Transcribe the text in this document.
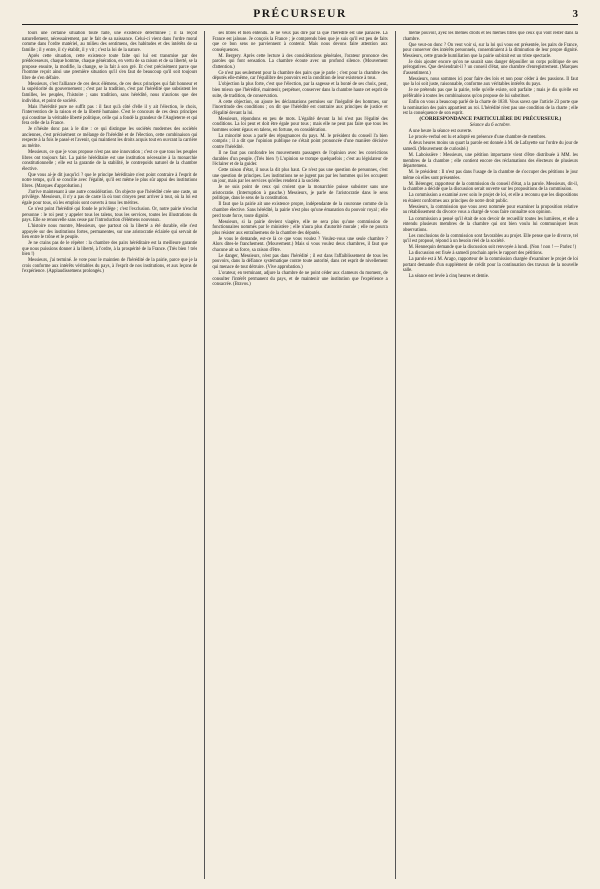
PRÉCURSEUR	3

tours une certaine situation toute faite, une existence déterminée ; il la reçoit naturellement, nécessairement, par le fait de sa naissance. Celui-ci vient dans l'ordre moral comme dans l'ordre matériel, au milieu des sentimens, des habitudes et des intérêts de sa famille ; il y entre, il s'y établit, il y vit ; c'est la loi de la nature.

Après cette situation, cette existence toute faite qui lui est transmise par des prédécesseurs, chaque homme, chaque génération, en vertu de sa raison et de sa liberté, se la propose ensuite, la modifie, la change, se la fait à son gré. Et c'est précisément parce que l'homme reçoit ainsi une première situation qu'il s'en faut de beaucoup qu'il soit toujours libre de s'en défaire.

Messieurs, c'est l'alliance de ces deux élémens, de ces deux principes qui fait honneur et la supériorité du gouvernement ; c'est par la tradition, c'est par l'hérédité que subsistent les familles, les peuples, l'histoire ; sans tradition, sans hérédité, nous n'aurions que des individus, et point de société.

Mais l'hérédité pure ne suffit pas : il faut qu'à côté d'elle il y ait l'élection, le choix, l'intervention de la raison et de la liberté humaine. C'est le concours de ces deux principes qui constitue la véritable liberté politique, celle qui a fondé la grandeur de l'Angleterre et qui fera celle de la France.

Je n'hésite donc pas à le dire : ce qui distingue les sociétés modernes des sociétés anciennes, c'est précisément ce mélange de l'hérédité et de l'élection, cette combinaison qui respecte à la fois le passé et l'avenir, qui maintient les droits acquis tout en ouvrant la carrière au mérite.

Messieurs, ce que je vous propose n'est pas une innovation ; c'est ce que tous les peuples libres ont toujours fait. La pairie héréditaire est une institution nécessaire à la monarchie constitutionnelle ; elle est la garantie de la stabilité, le contrepoids naturel de la chambre élective.

Que vous ai-je dit jusqu'ici ? que le principe héréditaire n'est point contraire à l'esprit de notre temps, qu'il se concilie avec l'égalité, qu'il est même le plus sûr appui des institutions libres. (Marques d'approbation.)

J'arrive maintenant à une autre considération. On objecte que l'hérédité crée une caste, un privilège. Messieurs, il n'y a pas de caste là où tout citoyen peut arriver à tout, où la loi est égale pour tous, où les emplois sont ouverts à tous les mérites.

Ce n'est point l'hérédité qui fonde le privilège ; c'est l'exclusion. Or, notre pairie n'exclut personne : le roi peut y appeler tous les talens, tous les services, toutes les illustrations du pays. Elle se renouvelle sans cesse par l'introduction d'élémens nouveaux.

L'histoire nous montre, Messieurs, que partout où la liberté a été durable, elle s'est appuyée sur des institutions fortes, permanentes, sur une aristocratie éclairée qui servait de lien entre le trône et le peuple.

Je ne crains pas de le répéter : la chambre des pairs héréditaire est la meilleure garantie que nous puissions donner à la liberté, à l'ordre, à la prospérité de la France. (Très bien ! très bien !)

Messieurs, j'ai terminé. Je vote pour le maintien de l'hérédité de la pairie, parce que je la crois conforme aux intérêts véritables du pays, à l'esprit de nos institutions, et aux leçons de l'expérience. (Applaudissemens prolongés.)

ses libres et bien entendu. Je ne veux pas dire par là que l'hérédité est une panacée. La France est jalouse. Je conçois la France ; je comprends bien que je suis qu'il est peu de faits que ce bon sens ne parviennent à contenir. Mais nous devons faire attention aux conséquences.

M. Bergery. Après cette lecture à des considérations générales, l'orateur prononce des paroles qui font sensation. La chambre écoute avec un profond silence. (Mouvement d'attention.)

Ce n'est pas seulement pour la chambre des pairs que je parle ; c'est pour la chambre des députés elle-même, car l'équilibre des pouvoirs est la condition de leur existence à tous.

L'objection la plus forte, c'est que l'élection, par la sagesse et la bonté de ses choix, peut, bien mieux que l'hérédité, maintenir, perpétuer, conserver dans la chambre haute cet esprit de suite, de tradition, de conservation.

A cette objection, on ajoute les déclamations permises sur l'inégalité des hommes, sur l'incertitude des conditions ; on dit que l'hérédité est contraire aux principes de justice et d'égalité devant la loi.

Messieurs, répondons en peu de mots. L'égalité devant la loi n'est pas l'égalité des conditions. La loi peut et doit être égale pour tous ; mais elle ne peut pas faire que tous les hommes soient égaux en talens, en fortune, en considération.

La minorité nous a parlé des répugnances du pays. M. le président du conseil l'a bien compris ; il a dit que l'opinion publique ne s'était point prononcée d'une manière décisive contre l'hérédité.

Il ne faut pas confondre les mouvements passagers de l'opinion avec les convictions durables d'un peuple. (Très bien !) L'opinion se trompe quelquefois ; c'est au législateur de l'éclairer et de la guider.

Cette raison d'état, il nous la dit plus haut. Ce n'est pas une question de personnes, c'est une question de principes. Les institutions ne se jugent pas par les hommes qui les occupent un jour, mais par les services qu'elles rendent à la société.

Je ne suis point de ceux qui croient que la monarchie puisse subsister sans une aristocratie. (Interruption à gauche.) Messieurs, je parle de l'aristocratie dans le sens politique, dans le sens de la constitution.

Il faut que la pairie ait une existence propre, indépendante de la couronne comme de la chambre élective. Sans hérédité, la pairie n'est plus qu'une émanation du pouvoir royal ; elle perd toute force, toute dignité.

Messieurs, si la pairie devient viagère, elle ne sera plus qu'une commission de fonctionnaires nommés par le ministère ; elle n'aura plus d'autorité morale ; elle ne pourra plus résister aux entraînemens de la chambre des députés.

Je vous le demande, est-ce là ce que vous voulez ? Voulez-vous une seule chambre ? Alors dites-le franchement. (Mouvement.) Mais si vous voulez deux chambres, il faut que chacune ait sa force, sa raison d'être.

Le danger, Messieurs, n'est pas dans l'hérédité ; il est dans l'affaiblissement de tous les pouvoirs, dans la défiance systématique contre toute autorité, dans cet esprit de nivellement qui menace de tout détruire. (Vive approbation.)

L'orateur, en terminant, adjure la chambre de ne point céder aux clameurs du moment, de consulter l'intérêt permanent du pays, et de maintenir une institution que l'expérience a consacrée. (Bravos.)

même pouvoir, ayez les mêmes droits et les mêmes titres que ceux qui vont rester dans la chambre.

Que veut-on donc ? On veut voir si, sur la loi qui vous est présentée, les pairs de France, pour conserver des intérêts personnels, consentiraient à la diminution de leur propre dignité. Messieurs, cette grande humiliation que la pairie subirait est un triste spectacle.

Je dois ajouter encore qu'on ne saurait sans danger dépouiller un corps politique de ses prérogatives. Que deviendrait-il ? un conseil d'état, une chambre d'enregistrement. (Marques d'assentiment.)

Messieurs, nous sommes ici pour faire des lois et non pour céder à des passions. Il faut que la loi soit juste, raisonnable, conforme aux véritables intérêts du pays.

Je ne prétends pas que la pairie, telle qu'elle existe, soit parfaite ; mais je dis qu'elle est préférable à toutes les combinaisons qu'on propose de lui substituer.

Enfin on vous a beaucoup parlé de la charte de 1830. Vous savez que l'article 23 porte que la nomination des pairs appartient au roi. L'hérédité n'est pas une condition de la charte ; elle est la conséquence de son esprit.

(CORRESPONDANCE PARTICULIÈRE DU PRÉCURSEUR.)

Séance du 6 octobre.

A une heure la séance est ouverte.

Le procès-verbal est lu et adopté en présence d'une chambre de membres.

A deux heures moins un quart la parole est donnée à M. de Lafayette sur l'ordre du jour de samedi. (Mouvement de curiosité.)

M. Laboissière : Messieurs, une pétition importante vient d'être distribuée à MM. les membres de la chambre ; elle contient encore des réclamations des électeurs de plusieurs départemens.

M. le président : Il n'est pas dans l'usage de la chambre de s'occuper des pétitions le jour même où elles sont présentées.

M. Bérenger, rapporteur de la commission du conseil d'état, a la parole. Messieurs, dit-il, la chambre a décidé que la discussion serait ouverte sur les propositions de la commission.

La commission a examiné avec soin le projet de loi, et elle a reconnu que les dispositions en étaient conformes aux principes de notre droit public.

Messieurs, la commission que vous avez nommée pour examiner la proposition relative au rétablissement du divorce vous a chargé de vous faire connaître son opinion.

La commission a pensé qu'il était de son devoir de recueillir toutes les lumières, et elle a entendu plusieurs membres de la chambre qui ont bien voulu lui communiquer leurs observations.

Les conclusions de la commission sont favorables au projet. Elle pense que le divorce, tel qu'il est proposé, répond à un besoin réel de la société.

M. Hennequin demande que la discussion soit renvoyée à lundi. (Non ! non ! — Parlez !)

La discussion est fixée à samedi prochain après le rapport des pétitions.

La parole est à M. Arago, rapporteur de la commission chargée d'examiner le projet de loi portant demande d'un supplément de crédit pour la continuation des travaux de la nouvelle salle.

La séance est levée à cinq heures et demie.
